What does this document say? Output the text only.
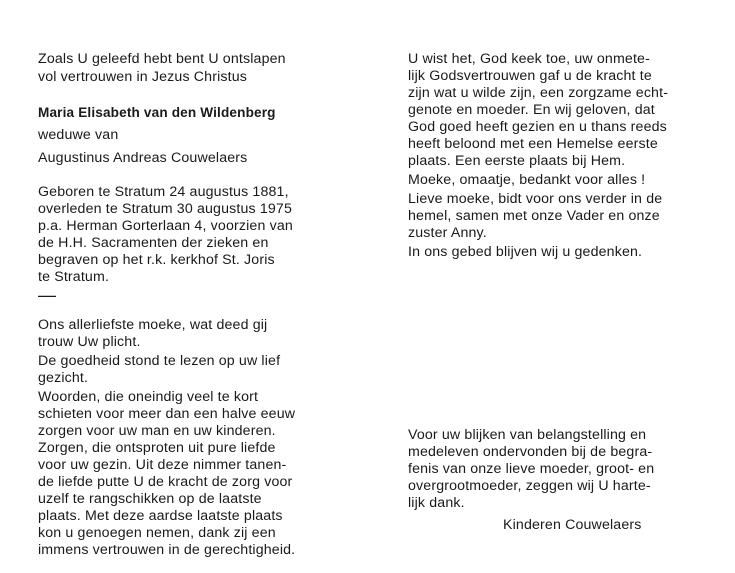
Zoals U geleefd hebt bent U ontslapen
vol vertrouwen in Jezus Christus
Maria Elisabeth van den Wildenberg
weduwe van
Augustinus Andreas Couwelaers
Geboren te Stratum 24 augustus 1881,
overleden te Stratum 30 augustus 1975
p.a. Herman Gorterlaan 4, voorzien van
de H.H. Sacramenten der zieken en
begraven op het r.k. kerkhof St. Joris
te Stratum.
—
Ons allerliefste moeke, wat deed gij
trouw Uw plicht.
De goedheid stond te lezen op uw lief
gezicht.
Woorden, die oneindig veel te kort
schieten voor meer dan een halve eeuw
zorgen voor uw man en uw kinderen.
Zorgen, die ontsproten uit pure liefde
voor uw gezin. Uit deze nimmer tanen-
de liefde putte U de kracht de zorg voor
uzelf te rangschikken op de laatste
plaats. Met deze aardse laatste plaats
kon u genoegen nemen, dank zij een
immens vertrouwen in de gerechtigheid.
U wist het, God keek toe, uw onmete-
lijk Godsvertrouwen gaf u de kracht te
zijn wat u wilde zijn, een zorgzame echt-
genote en moeder. En wij geloven, dat
God goed heeft gezien en u thans reeds
heeft beloond met een Hemelse eerste
plaats. Een eerste plaats bij Hem.
Moeke, omaatje, bedankt voor alles !
Lieve moeke, bidt voor ons verder in de
hemel, samen met onze Vader en onze
zuster Anny.
In ons gebed blijven wij u gedenken.
Voor uw blijken van belangstelling en
medeleven ondervonden bij de begra-
fenis van onze lieve moeder, groot- en
overgrootmoeder, zeggen wij U harte-
lijk dank.
Kinderen Couwelaers
